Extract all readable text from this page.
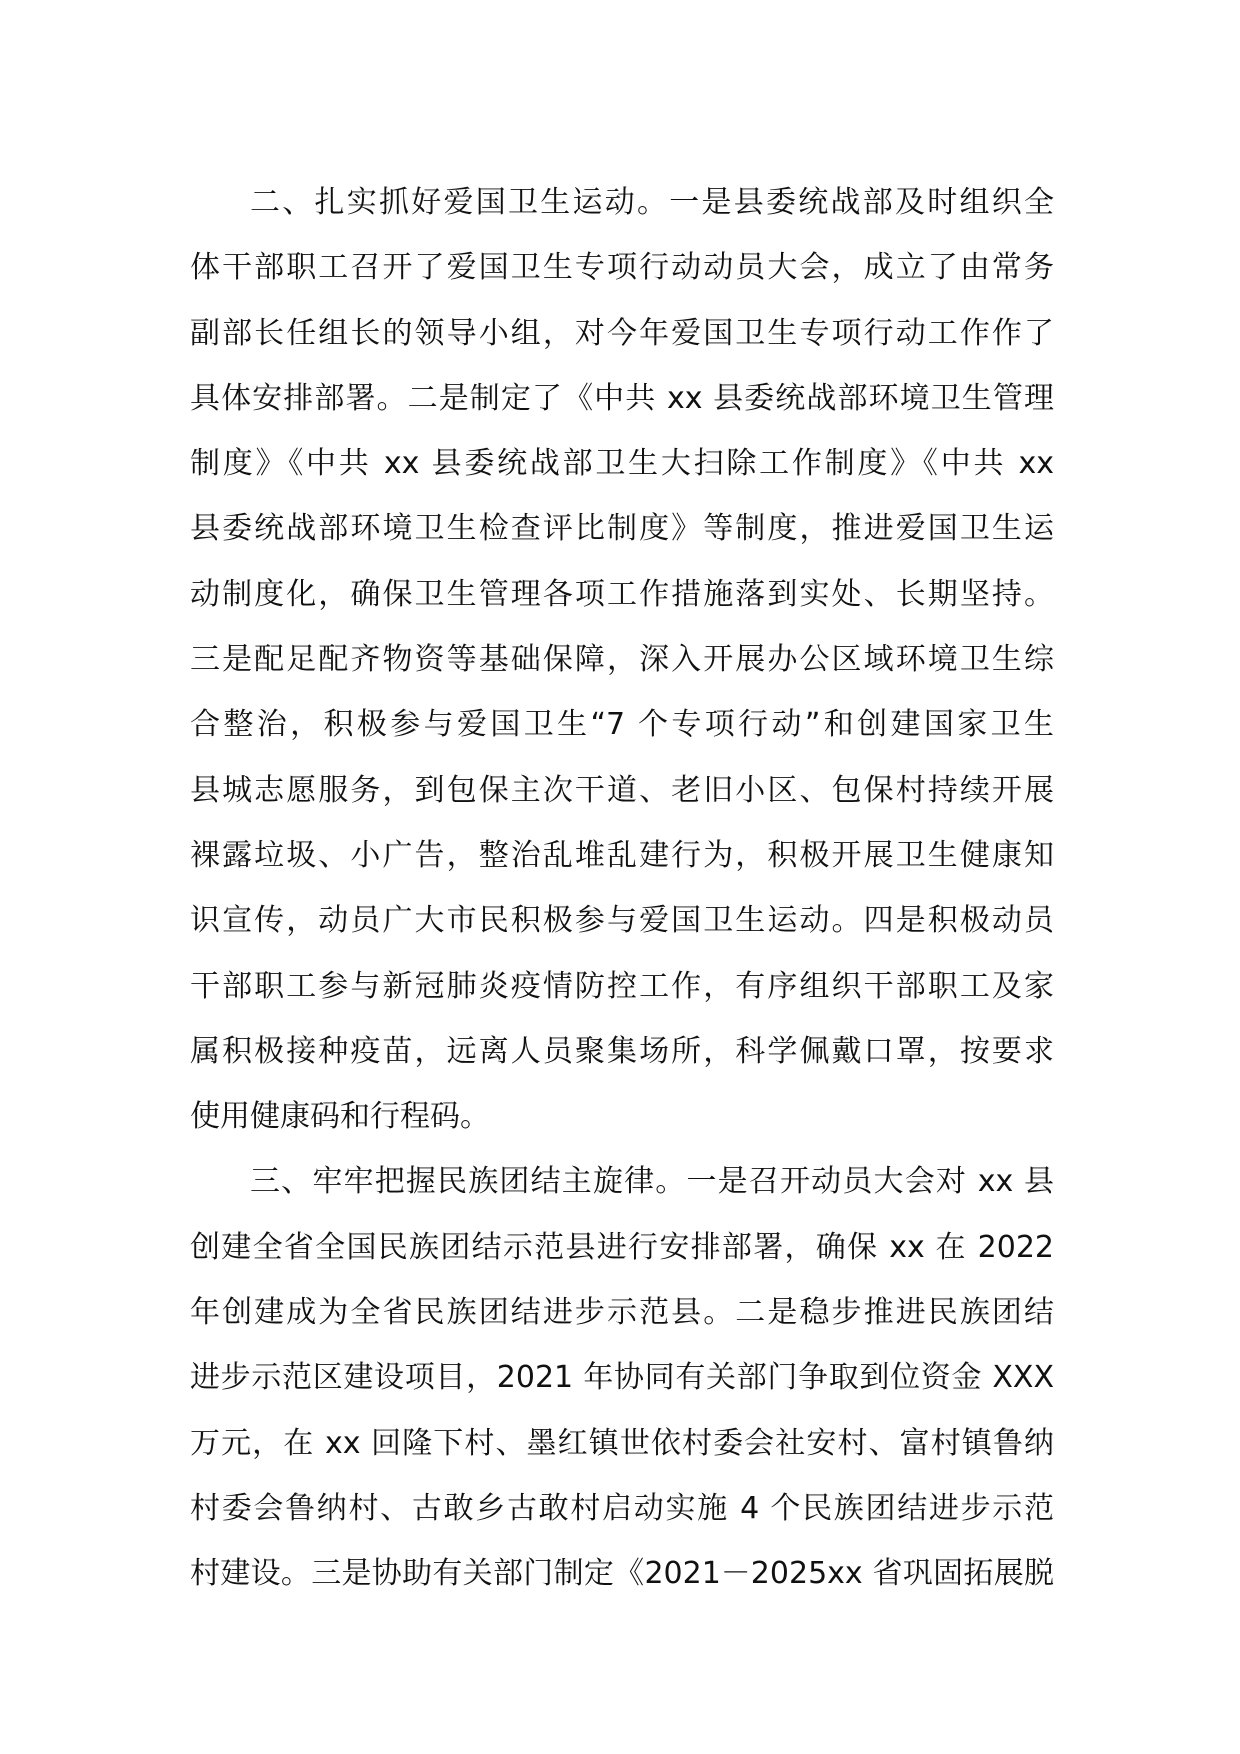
二、扎实抓好爱国卫生运动。一是县委统战部及时组织全
体干部职工召开了爱国卫生专项行动动员大会，成立了由常务
副部长任组长的领导小组，对今年爱国卫生专项行动工作作了
具体安排部署。二是制定了《中共 xx 县委统战部环境卫生管理
制度》《中共 xx 县委统战部卫生大扫除工作制度》《中共 xx
县委统战部环境卫生检查评比制度》等制度，推进爱国卫生运
动制度化，确保卫生管理各项工作措施落到实处、长期坚持。
三是配足配齐物资等基础保障，深入开展办公区域环境卫生综
合整治，积极参与爱国卫生“7 个专项行动”和创建国家卫生
县城志愿服务，到包保主次干道、老旧小区、包保村持续开展
裸露垃圾、小广告，整治乱堆乱建行为，积极开展卫生健康知
识宣传，动员广大市民积极参与爱国卫生运动。四是积极动员
干部职工参与新冠肺炎疫情防控工作，有序组织干部职工及家
属积极接种疫苗，远离人员聚集场所，科学佩戴口罩，按要求
使用健康码和行程码。
三、牢牢把握民族团结主旋律。一是召开动员大会对 xx 县
创建全省全国民族团结示范县进行安排部署，确保 xx 在 2022
年创建成为全省民族团结进步示范县。二是稳步推进民族团结
进步示范区建设项目，2021 年协同有关部门争取到位资金 XXX
万元，在 xx 回隆下村、墨红镇世依村委会社安村、富村镇鲁纳
村委会鲁纳村、古敢乡古敢村启动实施 4 个民族团结进步示范
村建设。三是协助有关部门制定《2021－2025xx 省巩固拓展脱
